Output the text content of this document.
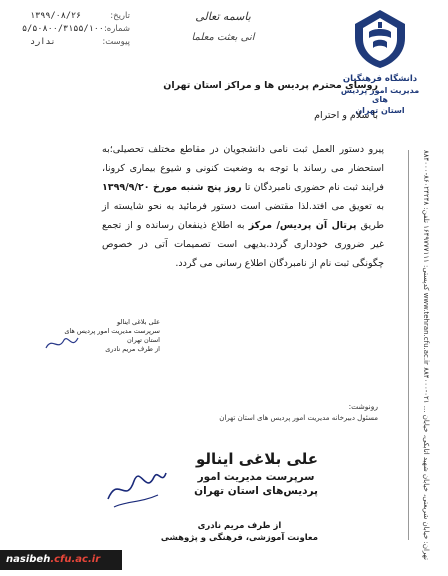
تاریخ:
۱۳۹۹/۰۸/۲۶
شماره:
۵/۵۰۸۰۰/۳۱۵۵/۱۰۰
پیوست:
ندارد
باسمه تعالی
انی بعثت معلما
دانشگاه فرهنگیان
مدیریت امور پردیس های
استان تهران
تهران: خیابان شریعتی، خیابان شهید اتابکی، خیابان ... ۰۲۱-۸۸۴۰۰۰ www.tehran.cfu.ac.ir کدپستی: ۱۶۴۹۷۷۷۱۱۱ تلفن: ۸۶۰۲۴۲۴۸-۸۸۴۰۰۰
روسای محترم پردیس ها و مراکز استان تهران
با سلام و احترام
پیرو دستور العمل ثبت نامی دانشجویان در مقاطع مختلف تحصیلی؛به استحضار می رساند با توجه به وضعیت کنونی و شیوع بیماری کرونا، فرایند ثبت نام حضوری نامبردگان تا روز پنج شنبه مورخ ۱۳۹۹/۹/۲۰ به تعویق می افتد.لذا مقتضی است دستور فرمائید به نحو شایسته از طریق پرتال آن پردیس/ مرکز به اطلاع ذینفعان رسانده و از تجمع غیر ضروری خودداری گردد.بدیهی است تصمیمات آتی در خصوص چگونگی ثبت نام از نامبردگان اطلاع رسانی می گردد.
علی بلاغی اینالو
سرپرست مدیریت امور پردیس های استان تهران
از طرف مریم نادری
رونوشت:
مسئول دبیرخانه مدیریت امور پردیس های استان تهران
علی بلاغی اینالو
سرپرست مدیریت امور
پردیس‌های استان تهران
از طرف مریم نادری
معاونت آموزشی، فرهنگی و پژوهشی
nasibeh.cfu.ac.ir
